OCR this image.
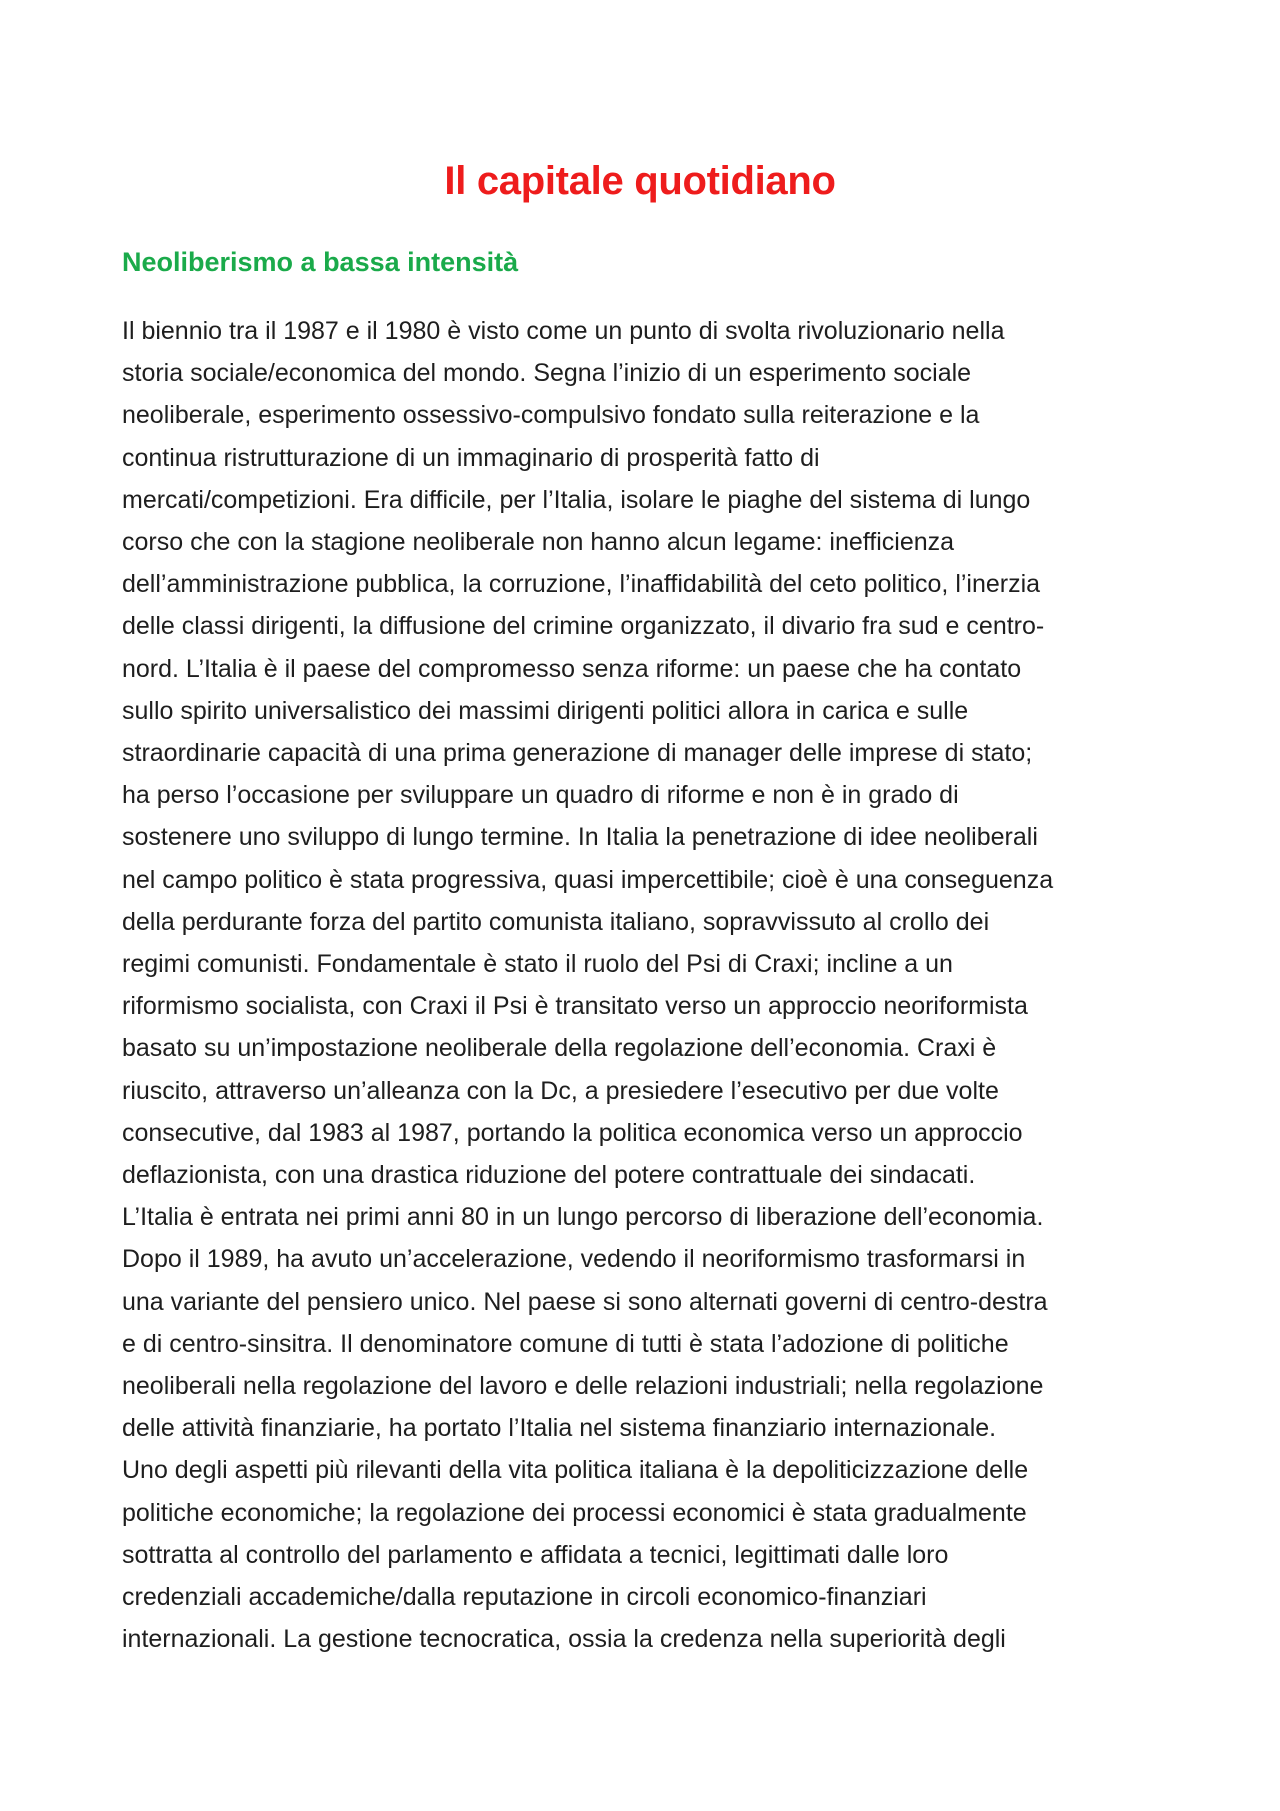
Il capitale quotidiano
Neoliberismo a bassa intensità

Il biennio tra il 1987 e il 1980 è visto come un punto di svolta rivoluzionario nella
storia sociale/economica del mondo. Segna l’inizio di un esperimento sociale
neoliberale, esperimento ossessivo-compulsivo fondato sulla reiterazione e la
continua ristrutturazione di un immaginario di prosperità fatto di
mercati/competizioni. Era difficile, per l’Italia, isolare le piaghe del sistema di lungo
corso che con la stagione neoliberale non hanno alcun legame: inefficienza
dell’amministrazione pubblica, la corruzione, l’inaffidabilità del ceto politico, l’inerzia
delle classi dirigenti, la diffusione del crimine organizzato, il divario fra sud e centro-
nord. L’Italia è il paese del compromesso senza riforme: un paese che ha contato
sullo spirito universalistico dei massimi dirigenti politici allora in carica e sulle
straordinarie capacità di una prima generazione di manager delle imprese di stato;
ha perso l’occasione per sviluppare un quadro di riforme e non è in grado di
sostenere uno sviluppo di lungo termine. In Italia la penetrazione di idee neoliberali
nel campo politico è stata progressiva, quasi impercettibile; cioè è una conseguenza
della perdurante forza del partito comunista italiano, sopravvissuto al crollo dei
regimi comunisti. Fondamentale è stato il ruolo del Psi di Craxi; incline a un
riformismo socialista, con Craxi il Psi è transitato verso un approccio neoriformista
basato su un’impostazione neoliberale della regolazione dell’economia. Craxi è
riuscito, attraverso un’alleanza con la Dc, a presiedere l’esecutivo per due volte
consecutive, dal 1983 al 1987, portando la politica economica verso un approccio
deflazionista, con una drastica riduzione del potere contrattuale dei sindacati.
L’Italia è entrata nei primi anni 80 in un lungo percorso di liberazione dell’economia.
Dopo il 1989, ha avuto un’accelerazione, vedendo il neoriformismo trasformarsi in
una variante del pensiero unico. Nel paese si sono alternati governi di centro-destra
e di centro-sinsitra. Il denominatore comune di tutti è stata l’adozione di politiche
neoliberali nella regolazione del lavoro e delle relazioni industriali; nella regolazione
delle attività finanziarie, ha portato l’Italia nel sistema finanziario internazionale.
Uno degli aspetti più rilevanti della vita politica italiana è la depoliticizzazione delle
politiche economiche; la regolazione dei processi economici è stata gradualmente
sottratta al controllo del parlamento e affidata a tecnici, legittimati dalle loro
credenziali accademiche/dalla reputazione in circoli economico-finanziari
internazionali. La gestione tecnocratica, ossia la credenza nella superiorità degli
